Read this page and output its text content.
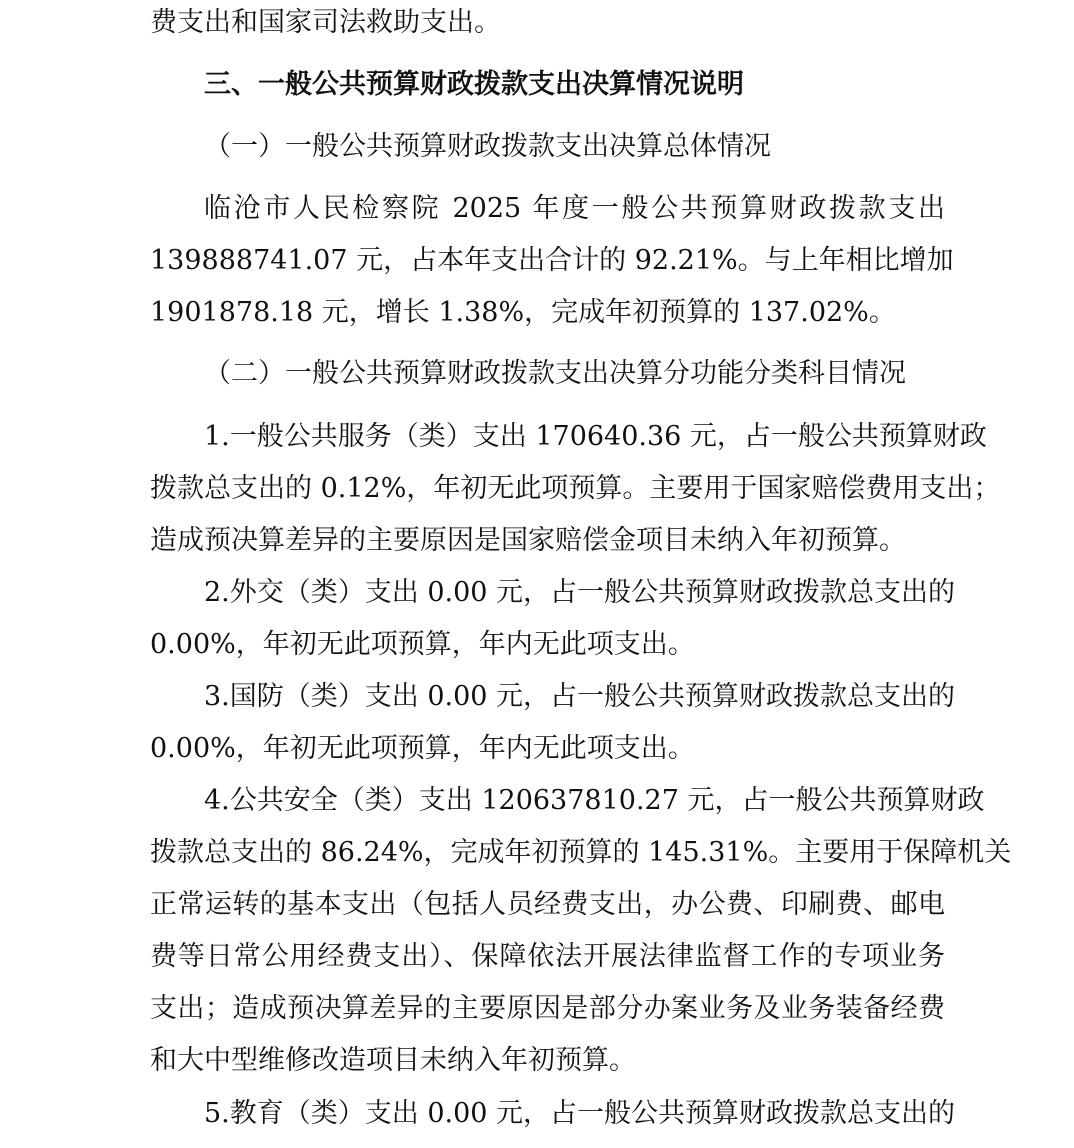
费支出和国家司法救助支出。
三、一般公共预算财政拨款支出决算情况说明
（一）一般公共预算财政拨款支出决算总体情况
临沧市人民检察院 2025 年度一般公共预算财政拨款支出
139888741.07 元，占本年支出合计的 92.21%。与上年相比增加
1901878.18 元，增长 1.38%，完成年初预算的 137.02%。
（二）一般公共预算财政拨款支出决算分功能分类科目情况
1.一般公共服务（类）支出 170640.36 元，占一般公共预算财政
拨款总支出的 0.12%，年初无此项预算。主要用于国家赔偿费用支出；
造成预决算差异的主要原因是国家赔偿金项目未纳入年初预算。
2.外交（类）支出 0.00 元，占一般公共预算财政拨款总支出的
0.00%，年初无此项预算，年内无此项支出。
3.国防（类）支出 0.00 元，占一般公共预算财政拨款总支出的
0.00%，年初无此项预算，年内无此项支出。
4.公共安全（类）支出 120637810.27 元，占一般公共预算财政
拨款总支出的 86.24%，完成年初预算的 145.31%。主要用于保障机关
正常运转的基本支出（包括人员经费支出，办公费、印刷费、邮电
费等日常公用经费支出）、保障依法开展法律监督工作的专项业务
支出；造成预决算差异的主要原因是部分办案业务及业务装备经费
和大中型维修改造项目未纳入年初预算。
5.教育（类）支出 0.00 元，占一般公共预算财政拨款总支出的
